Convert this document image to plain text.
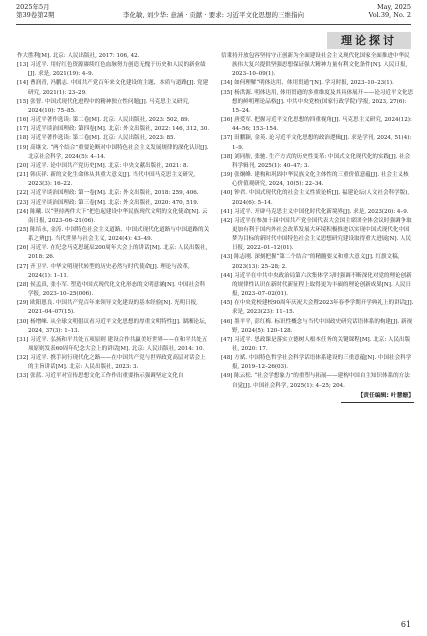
2025年5月
第39卷第2期	李化敏, 刘少华: 意涵 · 贡献 · 要求: 习近平文化思想的三维指向
May, 2025
Vol.39, No. 2
理论探讨

作大胜利[M]. 北京: 人民出版社, 2017: 106, 42.

[13] 习近平. 用好红色资源赓续红色血脉努力创造无愧于历史和人民的新业绩[J]. 求是, 2021(19): 4–9.

[14] 曹润青, 冯鹏志. 中国共产党百年来文化建设的主题、本质与道路[J]. 党建研究, 2021(1): 23–29.

[15] 张智. 中国式现代化进程中的精神独立性问题[J]. 马克思主义研究, 2024(10): 75–85.

[16] 习近平著作选读: 第二卷[M]. 北京: 人民出版社, 2023: 502, 89.

[17] 习近平谈治国理政: 第四卷[M]. 北京: 外文出版社, 2022: 146, 312, 30.

[18] 习近平著作选读: 第二卷[M]. 北京: 人民出版社, 2023: 85.

[19] 高继文. “两个结合”重要论断对中国特色社会主义发展规律的深化认识[J]. 北京社会科学, 2024(5): 4–14.

[20] 习近平. 论中国共产党历史[M]. 北京: 中央文献出版社, 2021: 8.

[21] 韩庆祥. 新的文化生命体从其重大意义[J]. 当代中国马克思主义研究, 2023(3): 16–22.

[22] 习近平谈治国理政: 第一卷[M]. 北京: 外文出版社, 2018: 259, 406.

[23] 习近平谈治国理政: 第三卷[M]. 北京: 外文出版社, 2020: 470, 519.

[24] 陈曦. 以“坚持两件大下”把色起建设中华民族现代文明的文化使命[N]. 云南日报, 2023–06–21(06).

[25] 陈培永, 金涛. 中国特色社会主义道路、中国式现代化道路与中国道路的关系之辨[J]. 当代世界与社会主义, 2024(4): 43–49.

[26] 习近平. 在纪念马克思诞辰200周年大会上的讲话[M]. 北京: 人民出版社, 2018: 26.

[27] 齐卫平. 中华文明现代转型的历史必然与时代使命[J]. 理论与改革, 2024(1): 1–11.

[28] 侯孟真, 张小军. 塑造中国式现代化文化形态的文明意涵[N]. 中国社会科学报, 2023–10–25(006).

[29] 欧阳恩良. 中国共产党百年来领导文化建设的基本经验[N]. 光明日报, 2021–04–07(15).

[30] 杨增崃. 从全球文明倡议看习近平文化思想的厚重文明特性[J]. 湖湘论坛, 2024, 37(3): 1–13.

[31] 习近平. 弘扬和平共处五项原则 建设合作共赢美好世界——在和平共处五项原则发表60周年纪念大会上的讲话[M]. 北京: 人民出版社, 2014: 10.

[32] 习近平. 携手同行现代化之路——在中国共产党与世界政党高层对话会上的主旨讲话[M]. 北京: 人民出版社, 2023: 3.

[33] 张蓝. 习近平对宣传思想文化工作作出重要指示强调坚定文化自

信秉持开放包容坚持守正创新为全面建设社会主义现代化国家全面推进中华民族伟大复兴提供坚强思想保证强大精神力量有利文化条件[N]. 人民日报, 2023–10–09(1).

[34] 如何理解“明体达用、体用贯通”[N]. 学习时报, 2023–10–23(1).

[35] 杨洪源. 明体达用, 体用贯通的多重维度及其具体展开——论习近平文化思想的鲜明理论品格[J]. 中共中央党校(国家行政学院)学报, 2023, 27(6): 15–24.

[36] 唐爱军. 把握习近平文化思想的四重视角[J]. 马克思主义研究, 2024(12): 44–56; 153–154.

[37] 田鹏颖, 金英. 论习近平文化思想的政治逻辑[J]. 求是学刊, 2024, 51(4): 1–9.

[38] 刘同舫, 张驰. 生产方式的历史性变革: 中国式文化现代化的实践[J]. 社会科学辑刊, 2025(1): 40–47; 3.

[39] 张炯峰. 建构和巩固中华民族文化主体性的三重价值意蕴[J]. 社会主义核心价值观研究, 2024, 10(5): 22–34.

[40] 钟君. 中国式现代化的社会主义性质论析[J]. 福建论坛(人文社会科学版), 2024(6): 5–14.

[41] 习近平. 开辟马克思主义中国化时代化新境界[J]. 求是, 2023(20): 4–9.

[42] 习近平在参加十届中国共产党全国代表大会国主席团全体会议时强调争取更加有利于国内外社会改革发展大环境积极推进以实现中国式现代化中国梦为目标的新时代中国特色社会主义思想研究建设取得重大进展[N]. 人民日报, 2022–01–12(01).

[43] 陈志刚. 深刻把握“第二个结合”的精髓要义和重大意义[J]. 红旗文稿, 2023(13): 25–28; 2.

[44] 习近平在中共中央政治局第六次集体学习时强调不断深化对党的理论创新的规律性认识在新时代新征程上取得更为丰硕的理论创新成果[N]. 人民日报, 2023–07–02(01).

[45] 在中央党校建校90周年庆祝大会暨2023年春季学期开学典礼上的讲话[J]. 求是, 2023(23): 11–15.

[46] 墨平平, 彭红梅. 标识性概念与当代中国政史研究话语体系的构建[J]. 新视野, 2024(5): 120–128.

[47] 习近平. 思政课是落实立德树人根本任务的关键课程[M]. 北京: 人民出版社, 2020: 17.

[48] 方斌. 中国特色哲学社会科学话语体系建设的三重意蕴[N]. 中国社会科学报, 2019–12–26(03).

[49] 陈云松. “社会学想象力”的重塑与拓展——建构中国自主知识体系的方法自觉[J]. 中国社会科学, 2025(1): 4–25; 204.

【责任编辑: 叶慧姗】
61
